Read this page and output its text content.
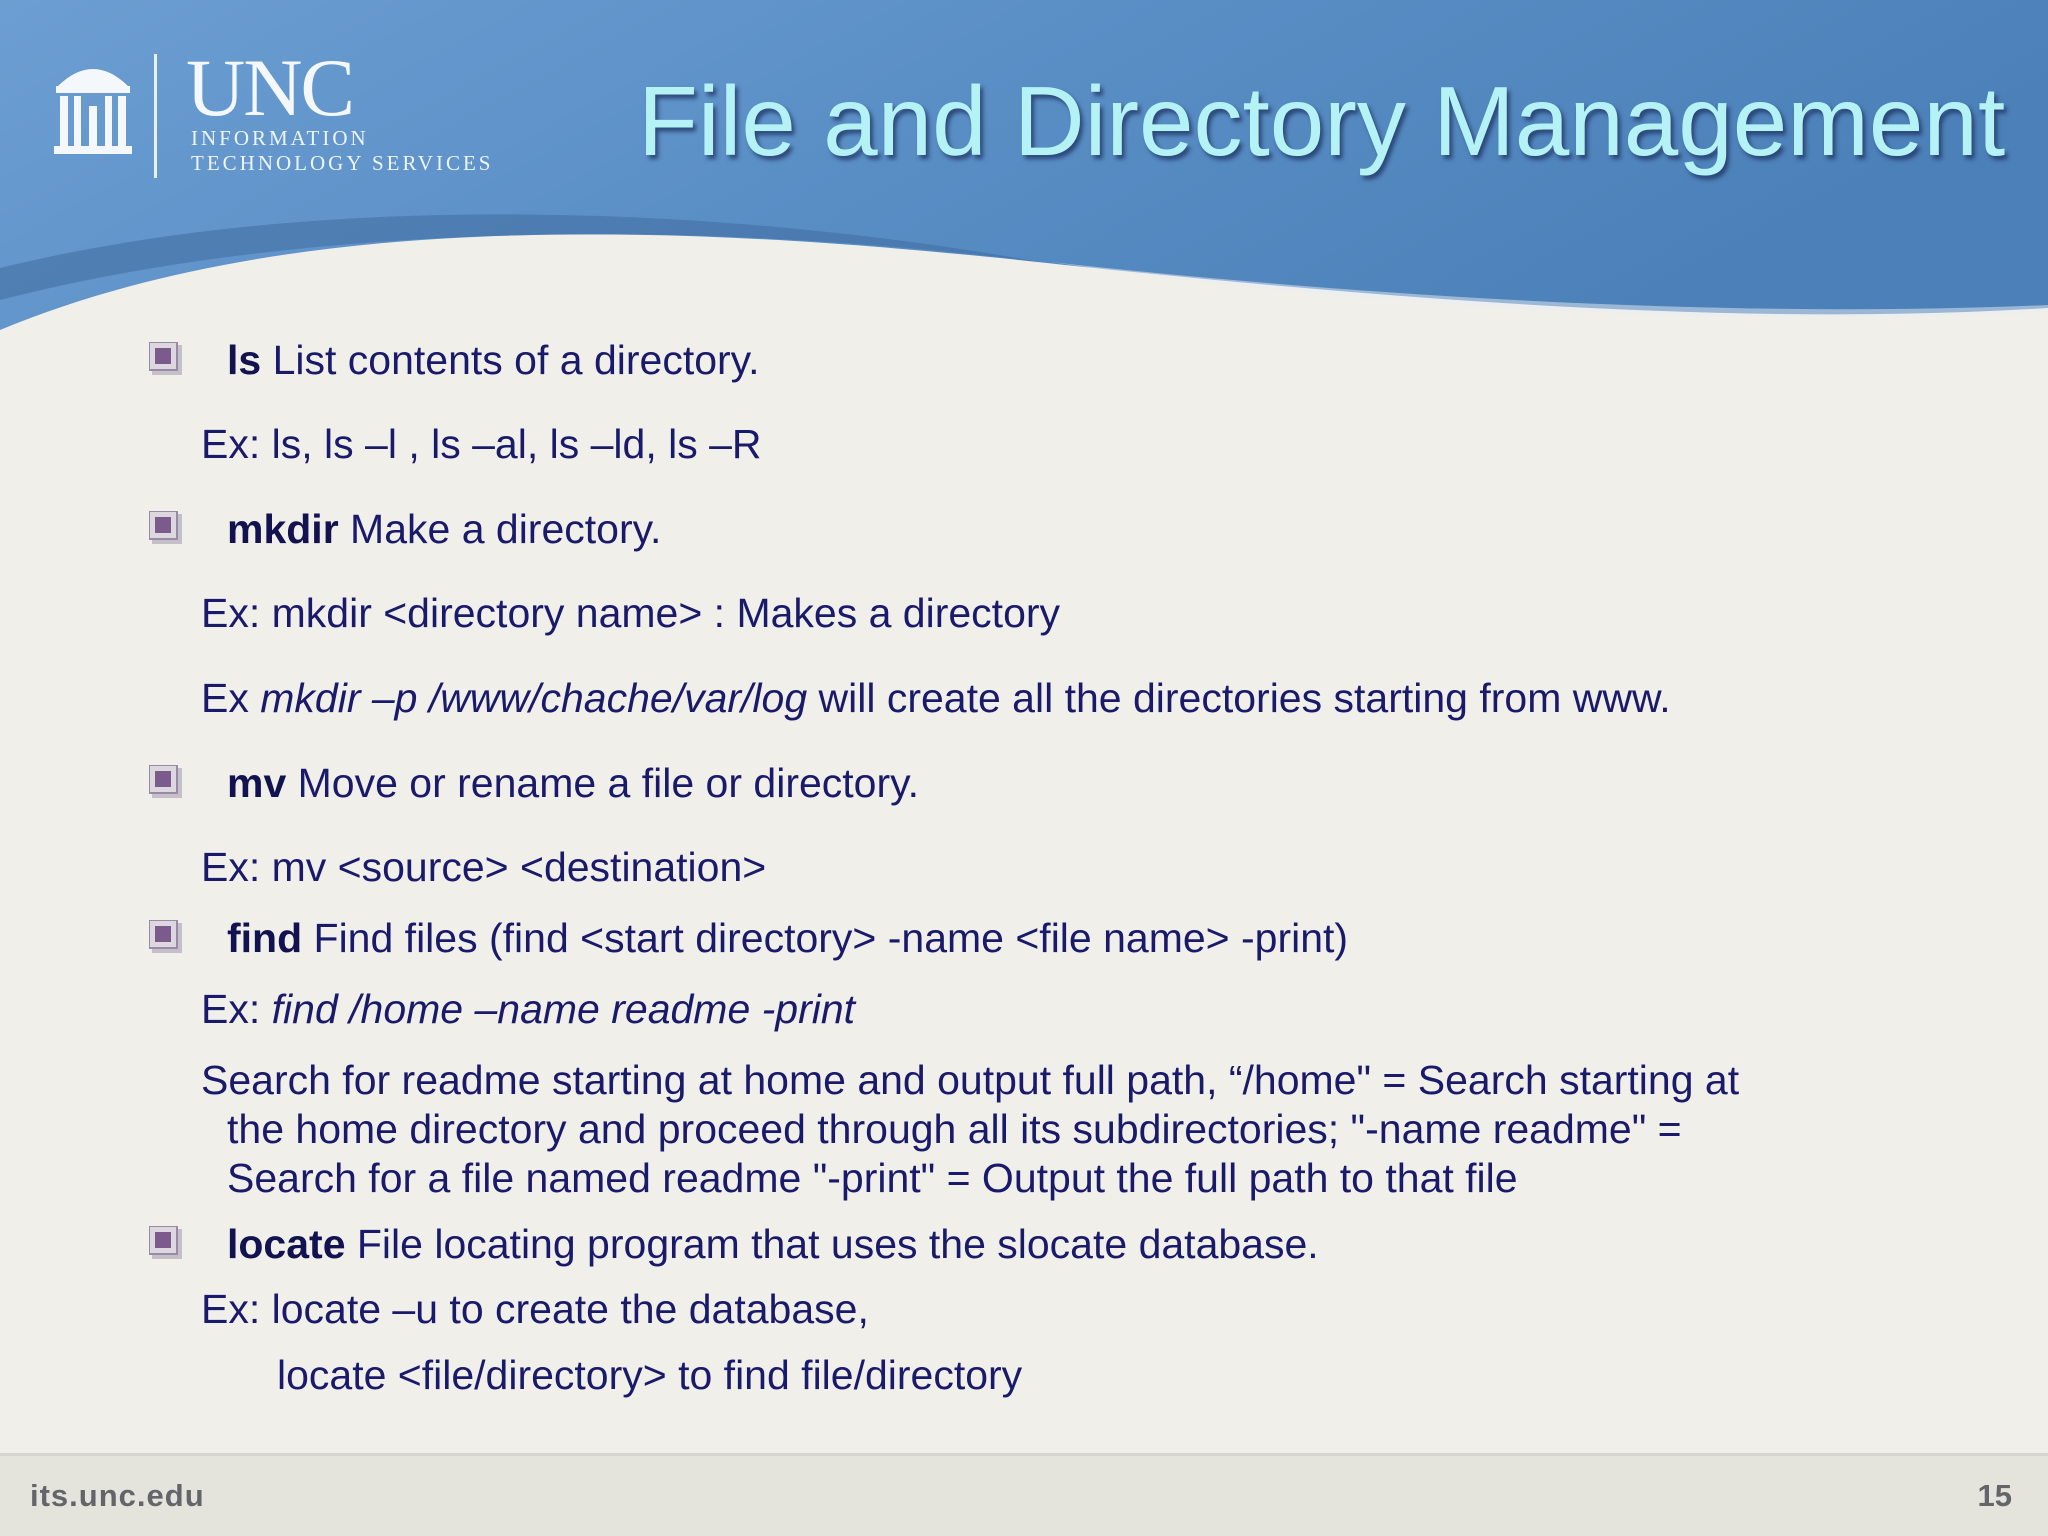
UNC
INFORMATION
TECHNOLOGY SERVICES File and Directory Management
ls List contents of a directory.
Ex: ls, ls –l , ls –al, ls –ld, ls –R
mkdir Make a directory.
Ex: mkdir <directory name> : Makes a directory
Ex mkdir –p /www/chache/var/log will create all the directories starting from www.
mv Move or rename a file or directory.
Ex: mv <source> <destination>
find Find files (find <start directory> -name <file name> -print)
Ex: find /home –name readme -print
Search for readme starting at home and output full path, “/home" = Search starting at
the home directory and proceed through all its subdirectories; "-name readme" =
Search for a file named readme "-print" = Output the full path to that file
locate File locating program that uses the slocate database.
Ex: locate –u to create the database,
locate <file/directory> to find file/directory
its.unc.edu	15
